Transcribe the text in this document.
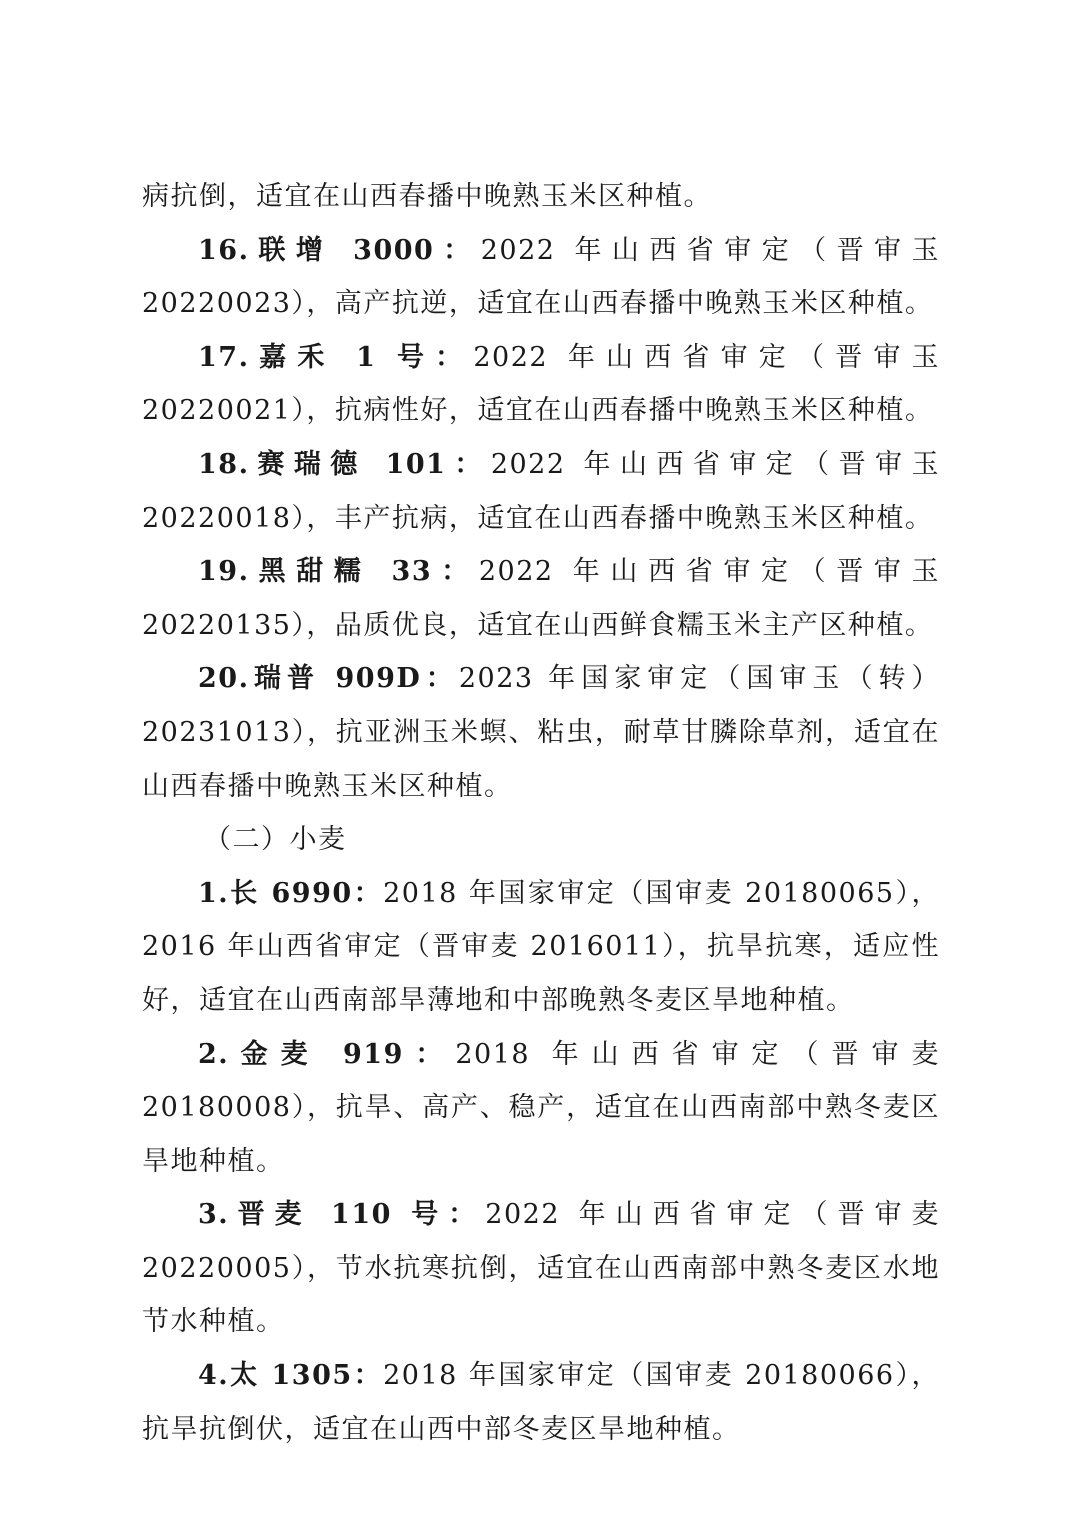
病抗倒，适宜在山西春播中晚熟玉米区种植。

16.联增 3000：2022 年山西省审定（晋审玉 20220023），高产抗逆，适宜在山西春播中晚熟玉米区种植。

17.嘉禾 1 号：2022 年山西省审定（晋审玉 20220021），抗病性好，适宜在山西春播中晚熟玉米区种植。

18.赛瑞德 101：2022 年山西省审定（晋审玉 20220018），丰产抗病，适宜在山西春播中晚熟玉米区种植。

19.黑甜糯 33：2022 年山西省审定（晋审玉 20220135），品质优良，适宜在山西鲜食糯玉米主产区种植。

20.瑞普 909D：2023 年国家审定（国审玉（转）20231013），抗亚洲玉米螟、粘虫，耐草甘膦除草剂，适宜在山西春播中晚熟玉米区种植。

（二）小麦

1.长 6990：2018 年国家审定（国审麦 20180065），2016 年山西省审定（晋审麦 2016011），抗旱抗寒，适应性好，适宜在山西南部旱薄地和中部晚熟冬麦区旱地种植。

2.金麦 919：2018 年山西省审定（晋审麦 20180008），抗旱、高产、稳产，适宜在山西南部中熟冬麦区旱地种植。

3.晋麦 110 号：2022 年山西省审定（晋审麦 20220005），节水抗寒抗倒，适宜在山西南部中熟冬麦区水地节水种植。

4.太 1305：2018 年国家审定（国审麦 20180066），抗旱抗倒伏，适宜在山西中部冬麦区旱地种植。
